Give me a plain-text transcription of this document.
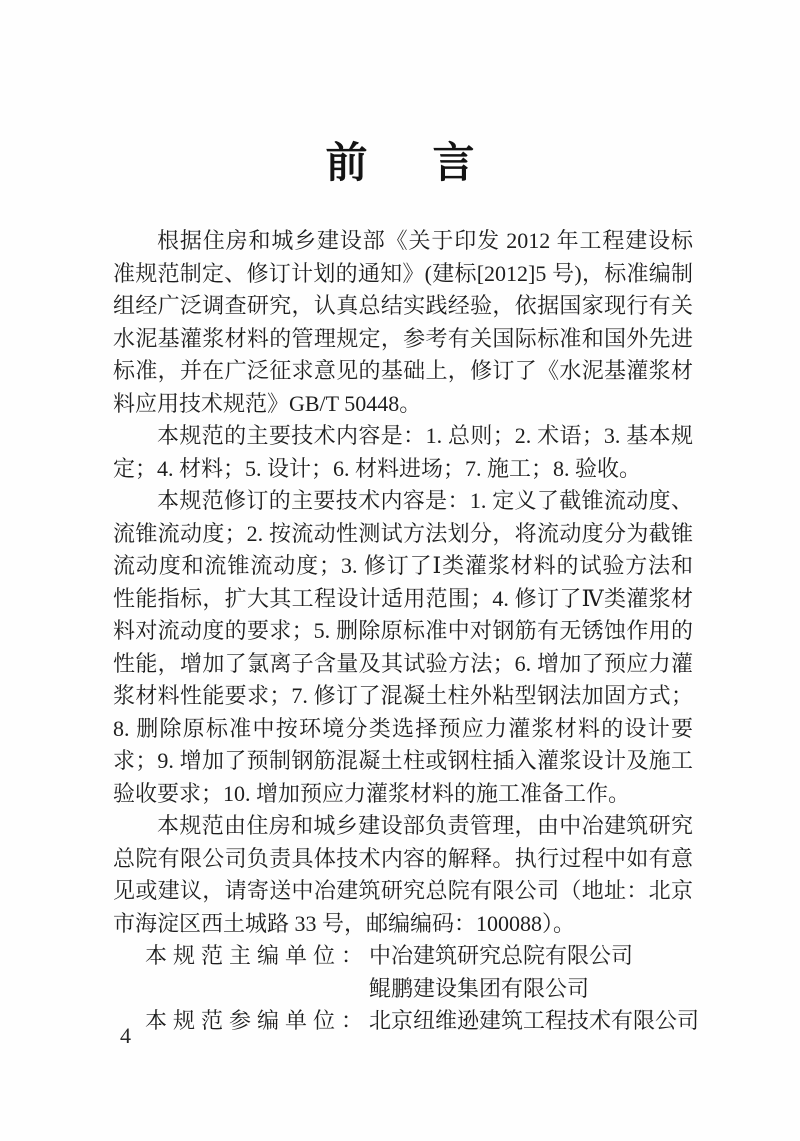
前言

根据住房和城乡建设部《关于印发 2012 年工程建设标准规范制定、修订计划的通知》(建标[2012]5 号)，标准编制组经广泛调查研究，认真总结实践经验，依据国家现行有关水泥基灌浆材料的管理规定，参考有关国际标准和国外先进标准，并在广泛征求意见的基础上，修订了《水泥基灌浆材料应用技术规范》GB/T 50448。

本规范的主要技术内容是：1. 总则；2. 术语；3. 基本规定；4. 材料；5. 设计；6. 材料进场；7. 施工；8. 验收。

本规范修订的主要技术内容是：1. 定义了截锥流动度、流锥流动度；2. 按流动性测试方法划分，将流动度分为截锥流动度和流锥流动度；3. 修订了Ⅰ类灌浆材料的试验方法和性能指标，扩大其工程设计适用范围；4. 修订了Ⅳ类灌浆材料对流动度的要求；5. 删除原标准中对钢筋有无锈蚀作用的性能，增加了氯离子含量及其试验方法；6. 增加了预应力灌浆材料性能要求；7. 修订了混凝土柱外粘型钢法加固方式；8. 删除原标准中按环境分类选择预应力灌浆材料的设计要求；9. 增加了预制钢筋混凝土柱或钢柱插入灌浆设计及施工验收要求；10. 增加预应力灌浆材料的施工准备工作。

本规范由住房和城乡建设部负责管理，由中冶建筑研究总院有限公司负责具体技术内容的解释。执行过程中如有意见或建议，请寄送中冶建筑研究总院有限公司（地址：北京市海淀区西土城路 33 号，邮编编码：100088）。

本规范主编单位： 中冶建筑研究总院有限公司
鲲鹏建设集团有限公司
本规范参编单位： 北京纽维逊建筑工程技术有限公司
4
